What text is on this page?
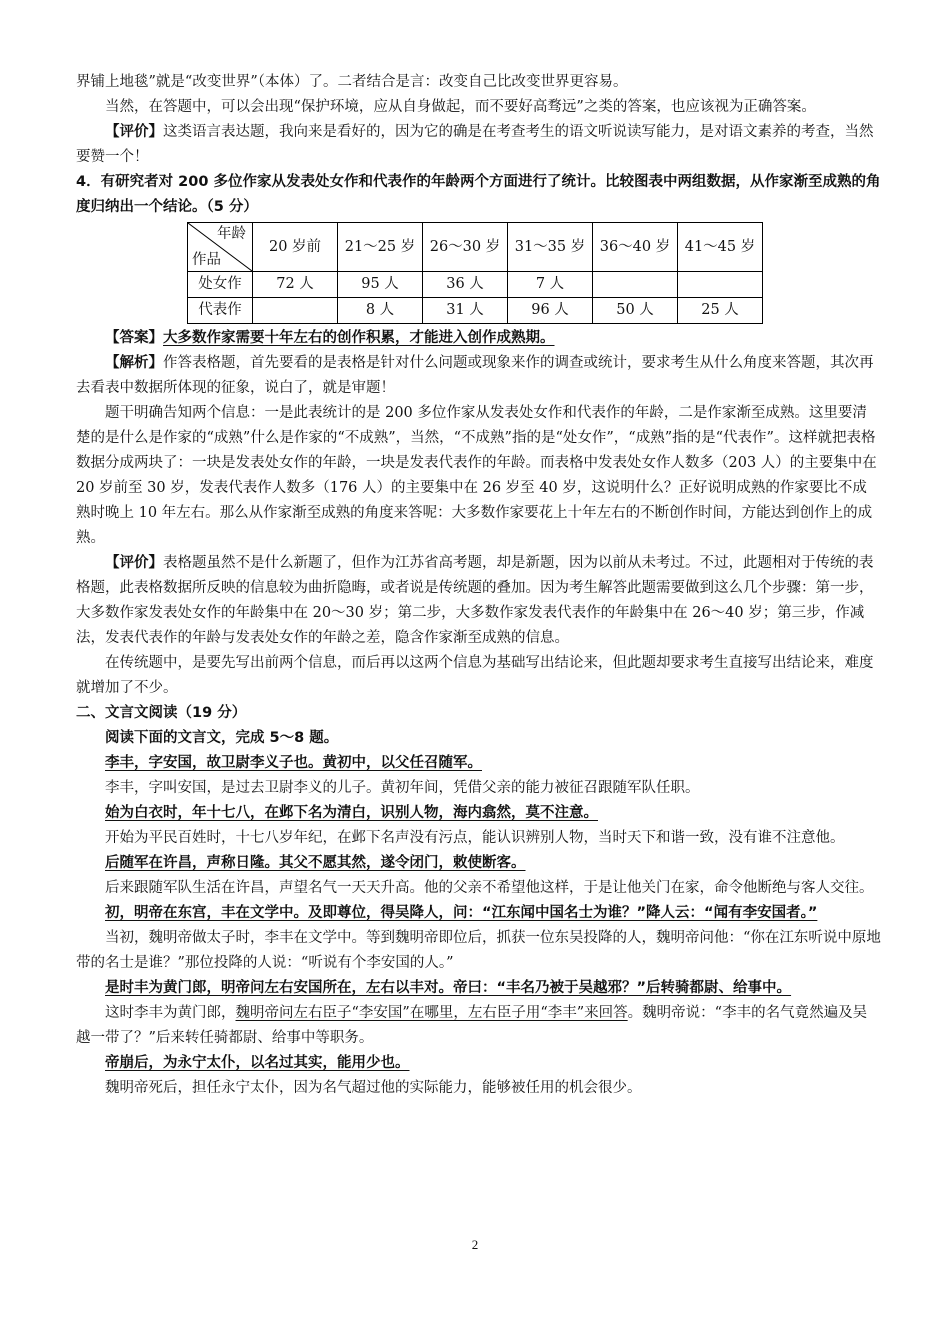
界铺上地毯”就是“改变世界”（本体）了。二者结合是言：改变自己比改变世界更容易。

当然，在答题中，可以会出现“保护环境，应从自身做起，而不要好高骛远”之类的答案，也应该视为正确答案。

【评价】这类语言表达题，我向来是看好的，因为它的确是在考查考生的语文听说读写能力，是对语文素养的考查，当然要赞一个！

4．有研究者对 200 多位作家从发表处女作和代表作的年龄两个方面进行了统计。比较图表中两组数据，从作家渐至成熟的角度归纳出一个结论。（5 分）

年龄
作品	20 岁前	21～25 岁	26～30 岁	31～35 岁	36～40 岁	41～45 岁
处女作	72 人	95 人	36 人	7 人		
代表作		8 人	31 人	96 人	50 人	25 人

【答案】大多数作家需要十年左右的创作积累，才能进入创作成熟期。

【解析】作答表格题，首先要看的是表格是针对什么问题或现象来作的调查或统计，要求考生从什么角度来答题，其次再去看表中数据所体现的征象，说白了，就是审题！

题干明确告知两个信息：一是此表统计的是 200 多位作家从发表处女作和代表作的年龄，二是作家渐至成熟。这里要清楚的是什么是作家的“成熟”什么是作家的“不成熟”，当然，“不成熟”指的是“处女作”，“成熟”指的是“代表作”。这样就把表格数据分成两块了：一块是发表处女作的年龄，一块是发表代表作的年龄。而表格中发表处女作人数多（203 人）的主要集中在 20 岁前至 30 岁，发表代表作人数多（176 人）的主要集中在 26 岁至 40 岁，这说明什么？正好说明成熟的作家要比不成熟时晚上 10 年左右。那么从作家渐至成熟的角度来答呢：大多数作家要花上十年左右的不断创作时间，方能达到创作上的成熟。

【评价】表格题虽然不是什么新题了，但作为江苏省高考题，却是新题，因为以前从未考过。不过，此题相对于传统的表格题，此表格数据所反映的信息较为曲折隐晦，或者说是传统题的叠加。因为考生解答此题需要做到这么几个步骤：第一步，大多数作家发表处女作的年龄集中在 20～30 岁；第二步，大多数作家发表代表作的年龄集中在 26～40 岁；第三步，作减法，发表代表作的年龄与发表处女作的年龄之差，隐含作家渐至成熟的信息。

在传统题中，是要先写出前两个信息，而后再以这两个信息为基础写出结论来，但此题却要求考生直接写出结论来，难度就增加了不少。

二、文言文阅读（19 分）

阅读下面的文言文，完成 5～8 题。

李丰，字安国，故卫尉李义子也。黄初中，以父任召随军。

李丰，字叫安国，是过去卫尉李义的儿子。黄初年间，凭借父亲的能力被征召跟随军队任职。

始为白衣时，年十七八，在邺下名为清白，识别人物，海内翕然，莫不注意。

开始为平民百姓时，十七八岁年纪，在邺下名声没有污点，能认识辨别人物，当时天下和谐一致，没有谁不注意他。

后随军在许昌，声称日隆。其父不愿其然，遂令闭门，敕使断客。

后来跟随军队生活在许昌，声望名气一天天升高。他的父亲不希望他这样，于是让他关门在家，命令他断绝与客人交往。

初，明帝在东宫，丰在文学中。及即尊位，得吴降人，问：“江东闻中国名士为谁？”降人云：“闻有李安国者。”

当初，魏明帝做太子时，李丰在文学中。等到魏明帝即位后，抓获一位东吴投降的人，魏明帝问他：“你在江东听说中原地带的名士是谁？”那位投降的人说：“听说有个李安国的人。”

是时丰为黄门郎，明帝问左右安国所在，左右以丰对。帝曰：“丰名乃被于吴越邪？”后转骑都尉、给事中。

这时李丰为黄门郎，魏明帝问左右臣子“李安国”在哪里，左右臣子用“李丰”来回答。魏明帝说：“李丰的名气竟然遍及吴越一带了？”后来转任骑都尉、给事中等职务。

帝崩后，为永宁太仆，以名过其实，能用少也。

魏明帝死后，担任永宁太仆，因为名气超过他的实际能力，能够被任用的机会很少。

2
